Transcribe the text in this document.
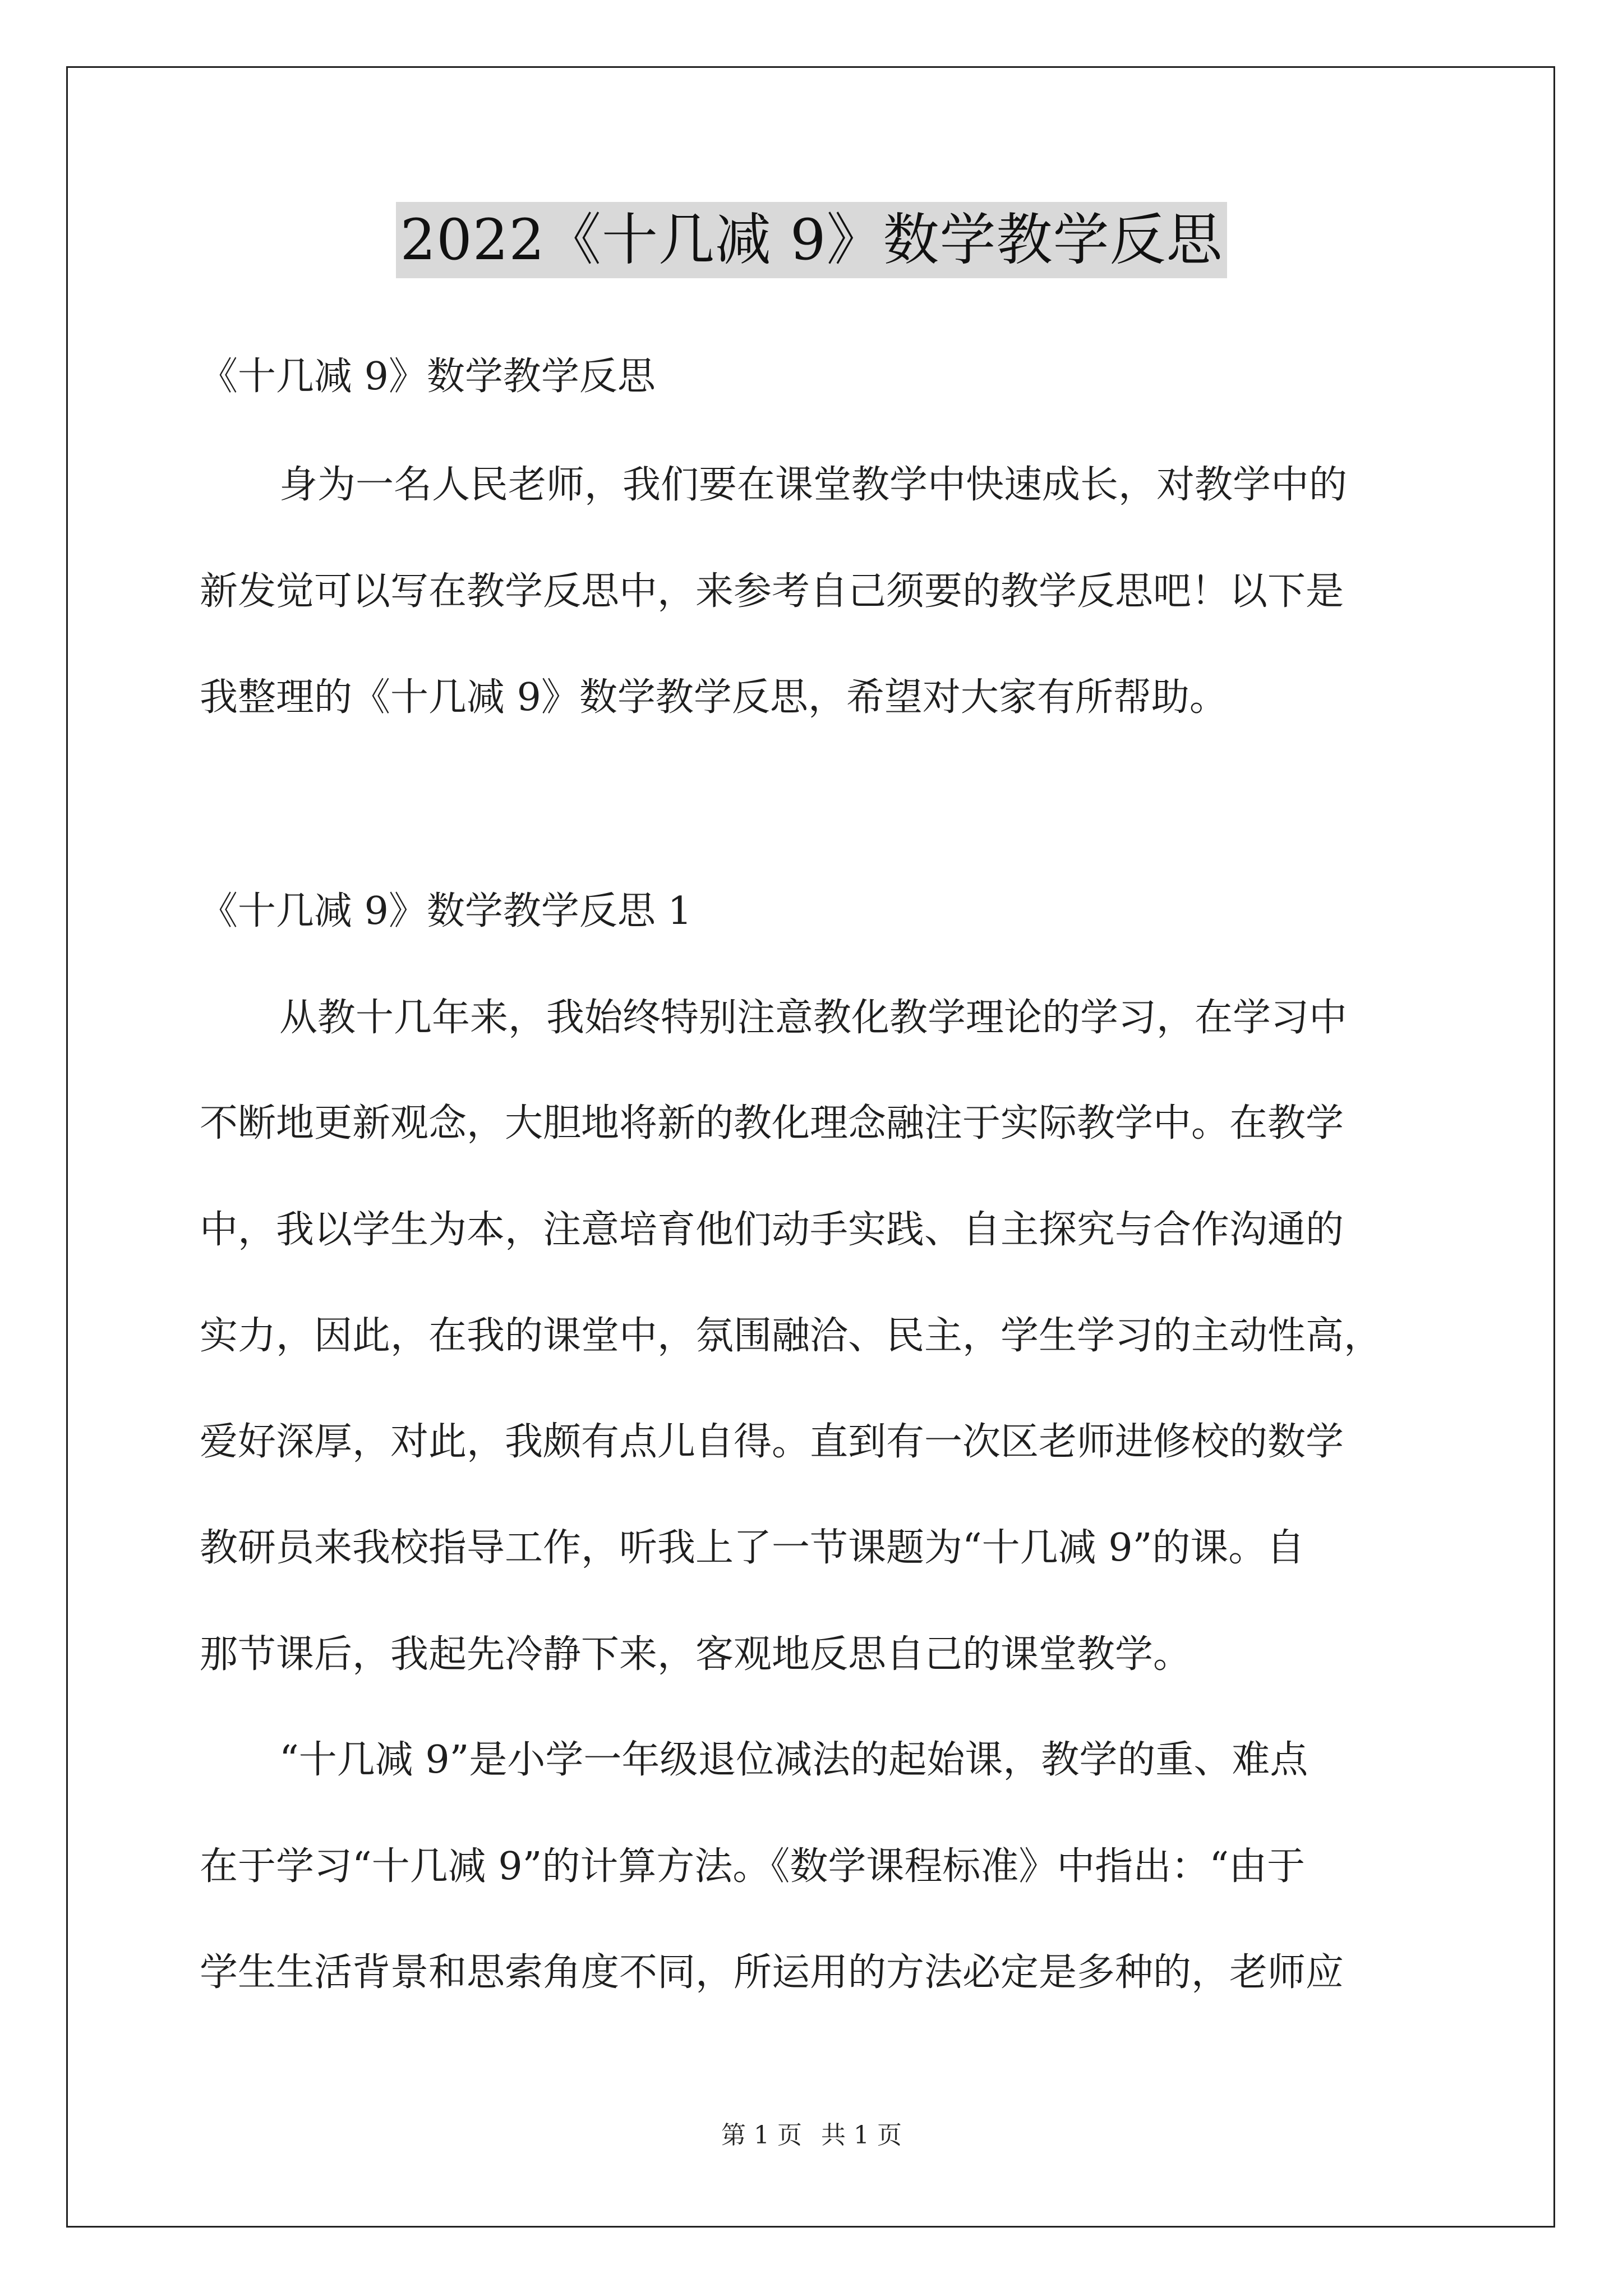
2022《十几减 9》数学教学反思
《十几减 9》数学教学反思
身为一名人民老师，我们要在课堂教学中快速成长，对教学中的
新发觉可以写在教学反思中，来参考自己须要的教学反思吧！以下是
我整理的《十几减 9》数学教学反思，希望对大家有所帮助。
《十几减 9》数学教学反思 1
从教十几年来，我始终特别注意教化教学理论的学习，在学习中
不断地更新观念，大胆地将新的教化理念融注于实际教学中。在教学
中，我以学生为本，注意培育他们动手实践、自主探究与合作沟通的
实力，因此，在我的课堂中，氛围融洽、民主，学生学习的主动性高，
爱好深厚，对此，我颇有点儿自得。直到有一次区老师进修校的数学
教研员来我校指导工作，听我上了一节课题为“十几减 9”的课。自
那节课后，我起先冷静下来，客观地反思自己的课堂教学。
“十几减 9”是小学一年级退位减法的起始课，教学的重、难点
在于学习“十几减 9”的计算方法。《数学课程标准》中指出：“由于
学生生活背景和思索角度不同，所运用的方法必定是多种的，老师应
第 1 页 共 1 页
